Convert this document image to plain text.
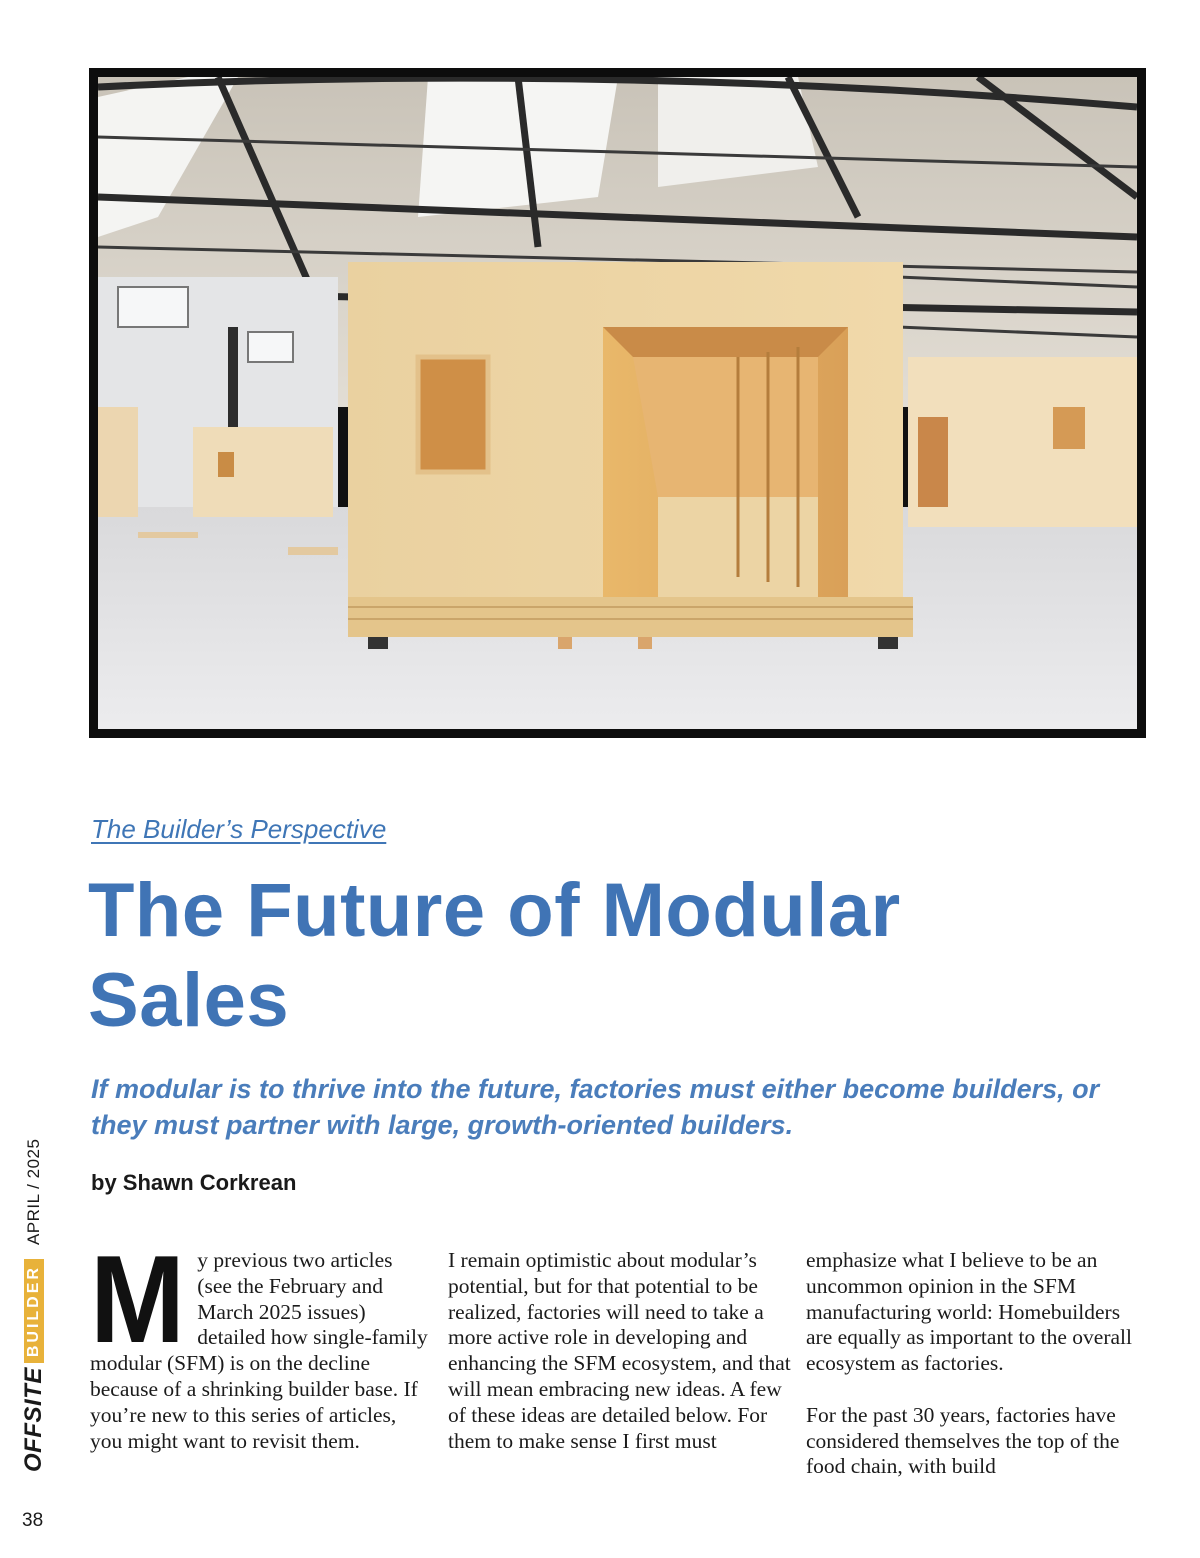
The Builder’s Perspective
The Future of Modular Sales

If modular is to thrive into the future, factories must either become builders, or they must partner with large, growth-oriented builders.

by Shawn Corkrean
M y previous two articles (see the February and March 2025 issues) detailed how single-family modular (SFM) is on the decline because of a shrinking builder base. If you’re new to this series of articles, you might want to revisit them.

I remain optimistic about modular’s potential, but for that potential to be realized, factories will need to take a more active role in developing and enhancing the SFM ecosystem, and that will mean embracing new ideas. A few of these ideas are detailed below. For them to make sense I first must

emphasize what I believe to be an uncommon opinion in the SFM manufacturing world: Homebuilders are equally as important to the overall ecosystem as factories.

For the past 30 years, factories have considered themselves the top of the food chain, with build

OFFSITE
BUILDER
APRIL / 2025
38
